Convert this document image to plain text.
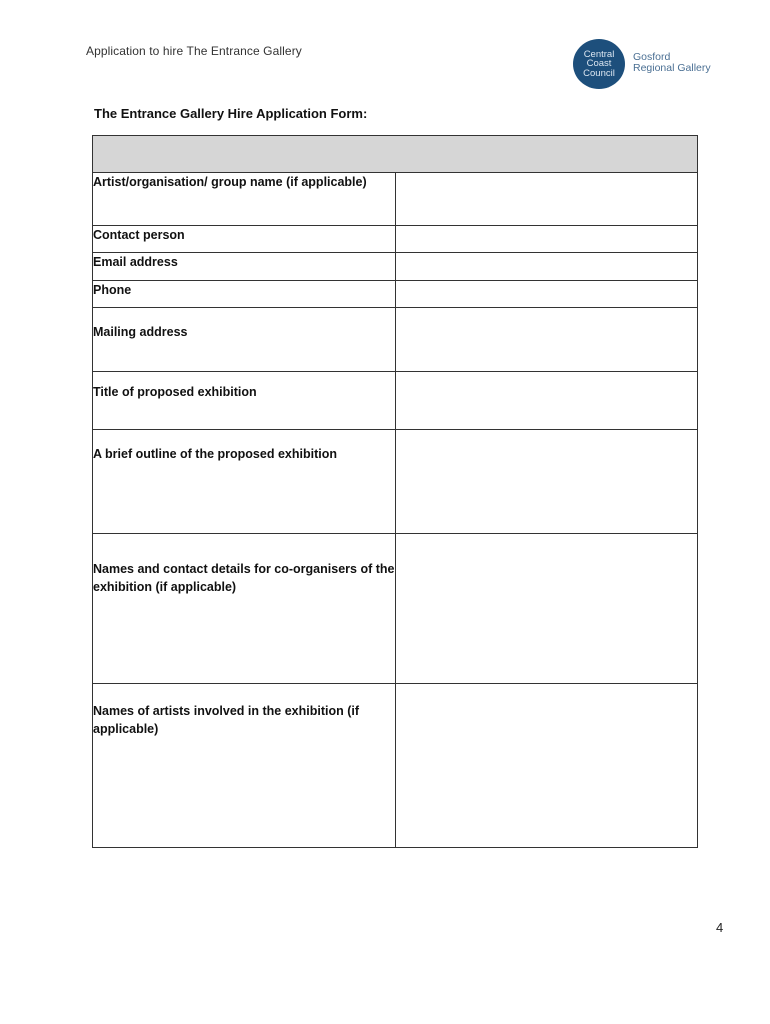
Application to hire The Entrance Gallery	Central
Coast
Council
Gosford
Regional Gallery
The Entrance Gallery Hire Application Form:

Artist/organisation/ group name (if applicable)	
Contact person	
Email address	
Phone	
Mailing address	
Title of proposed exhibition	
A brief outline of the proposed exhibition	
Names and contact details for co-organisers of the exhibition (if applicable)	
Names of artists involved in the exhibition (if applicable)	
4
